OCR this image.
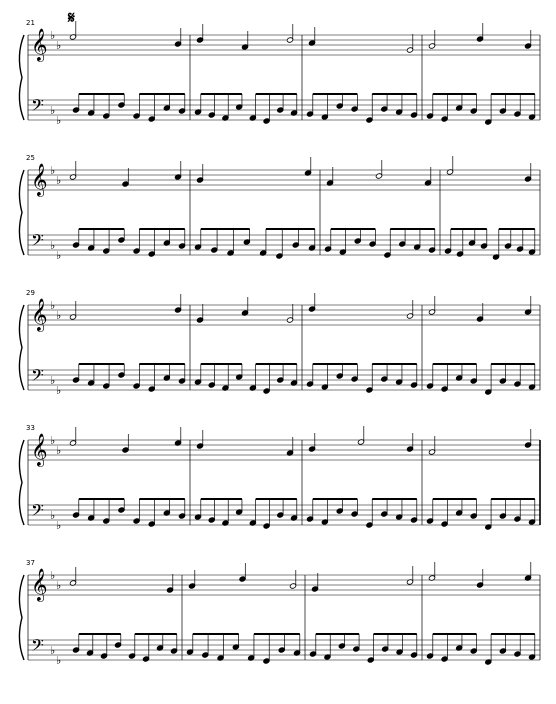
𝄞
𝄢
♭
♭
♭
♭
21 𝄋
𝄞
𝄢
♭
♭
♭
♭
25
𝄞
𝄢
♭
♭
♭
♭
29
𝄞
𝄢
♭
♭
♭
♭
33
𝄞
𝄢
♭
♭
♭
♭
37
